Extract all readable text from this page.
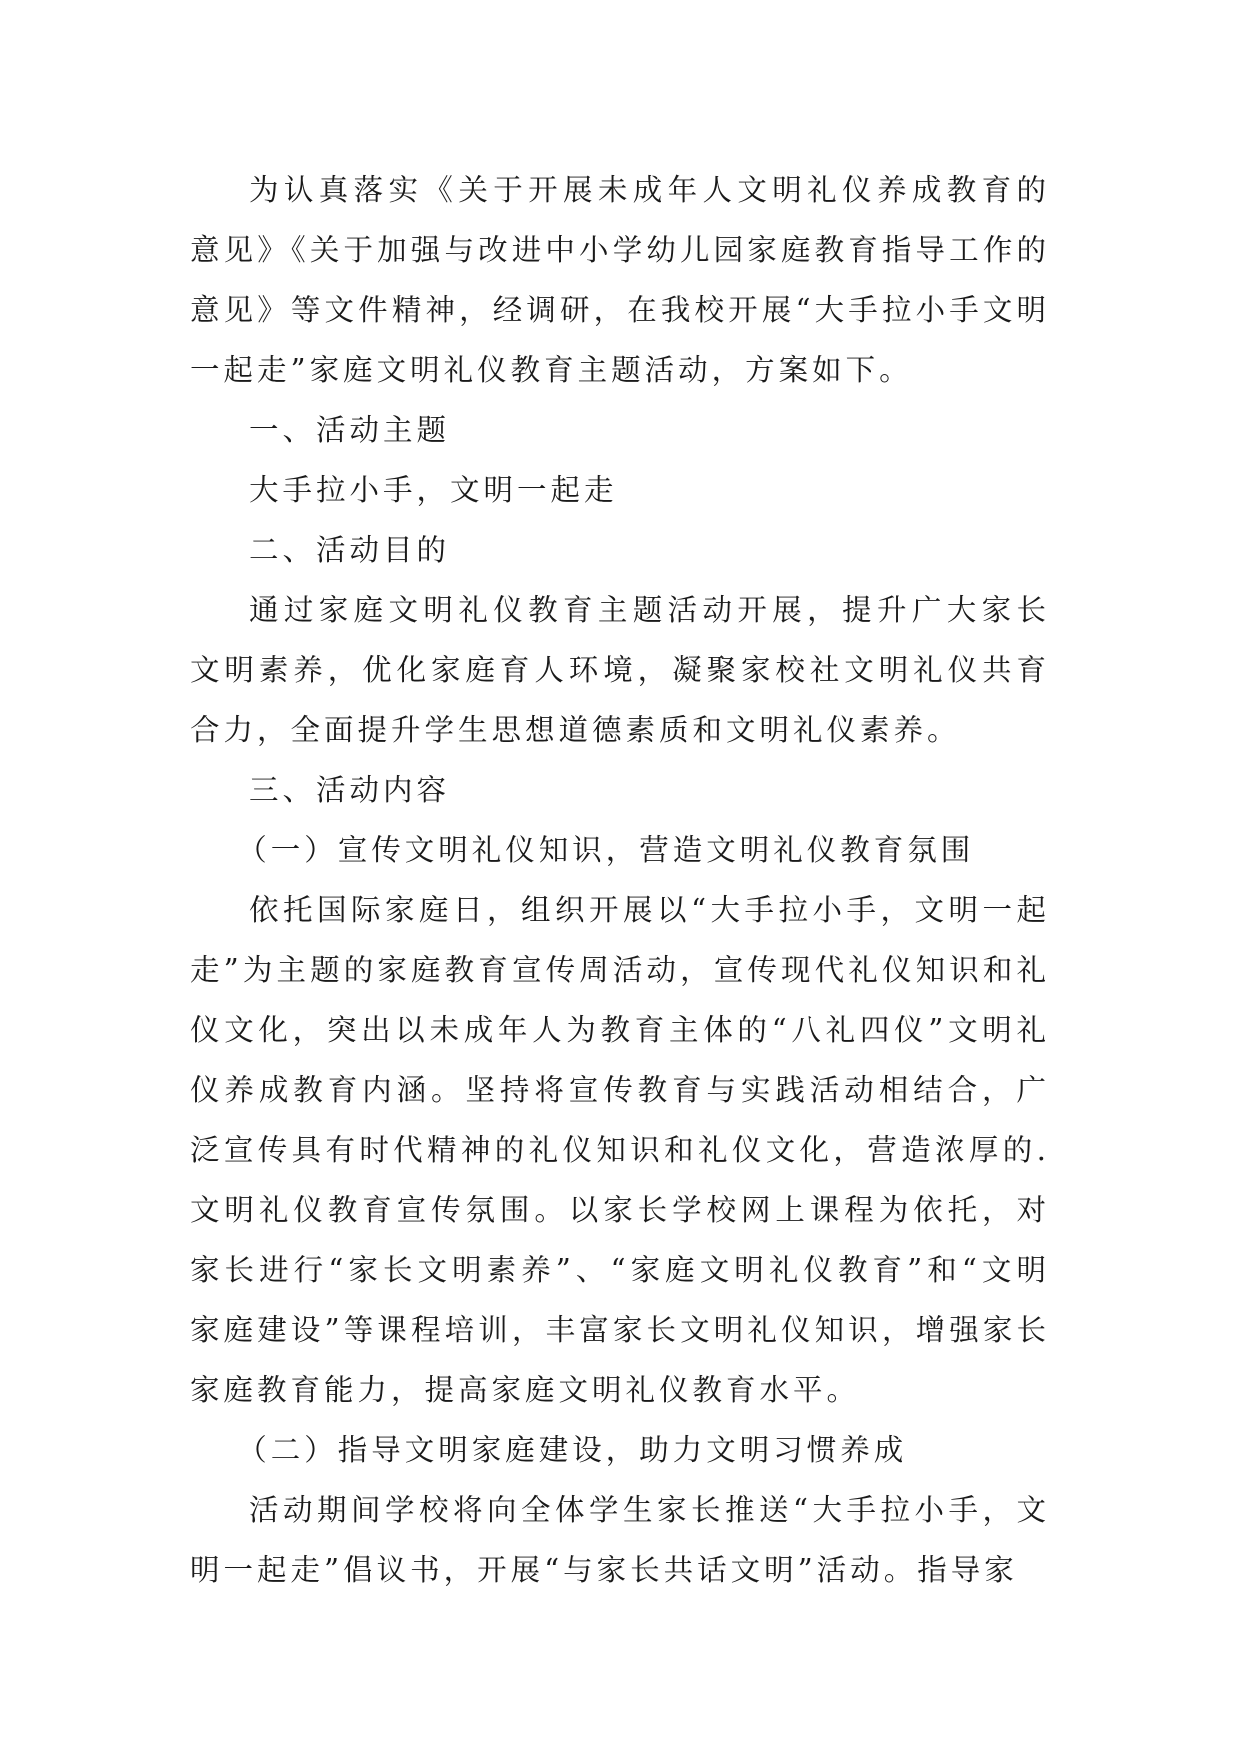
为认真落实《关于开展未成年人文明礼仪养成教育的意见》《关于加强与改进中小学幼儿园家庭教育指导工作的意见》等文件精神，经调研，在我校开展“大手拉小手文明一起走”家庭文明礼仪教育主题活动，方案如下。

一、活动主题

大手拉小手，文明一起走

二、活动目的

通过家庭文明礼仪教育主题活动开展，提升广大家长文明素养，优化家庭育人环境，凝聚家校社文明礼仪共育合力，全面提升学生思想道德素质和文明礼仪素养。

三、活动内容

（一）宣传文明礼仪知识，营造文明礼仪教育氛围

依托国际家庭日，组织开展以“大手拉小手，文明一起走”为主题的家庭教育宣传周活动，宣传现代礼仪知识和礼仪文化，突出以未成年人为教育主体的“八礼四仪”文明礼仪养成教育内涵。坚持将宣传教育与实践活动相结合，广泛宣传具有时代精神的礼仪知识和礼仪文化，营造浓厚的.文明礼仪教育宣传氛围。以家长学校网上课程为依托，对家长进行“家长文明素养”、“家庭文明礼仪教育”和“文明家庭建设”等课程培训，丰富家长文明礼仪知识，增强家长家庭教育能力，提高家庭文明礼仪教育水平。

（二）指导文明家庭建设，助力文明习惯养成

活动期间学校将向全体学生家长推送“大手拉小手，文明一起走”倡议书，开展“与家长共话文明”活动。指导家
